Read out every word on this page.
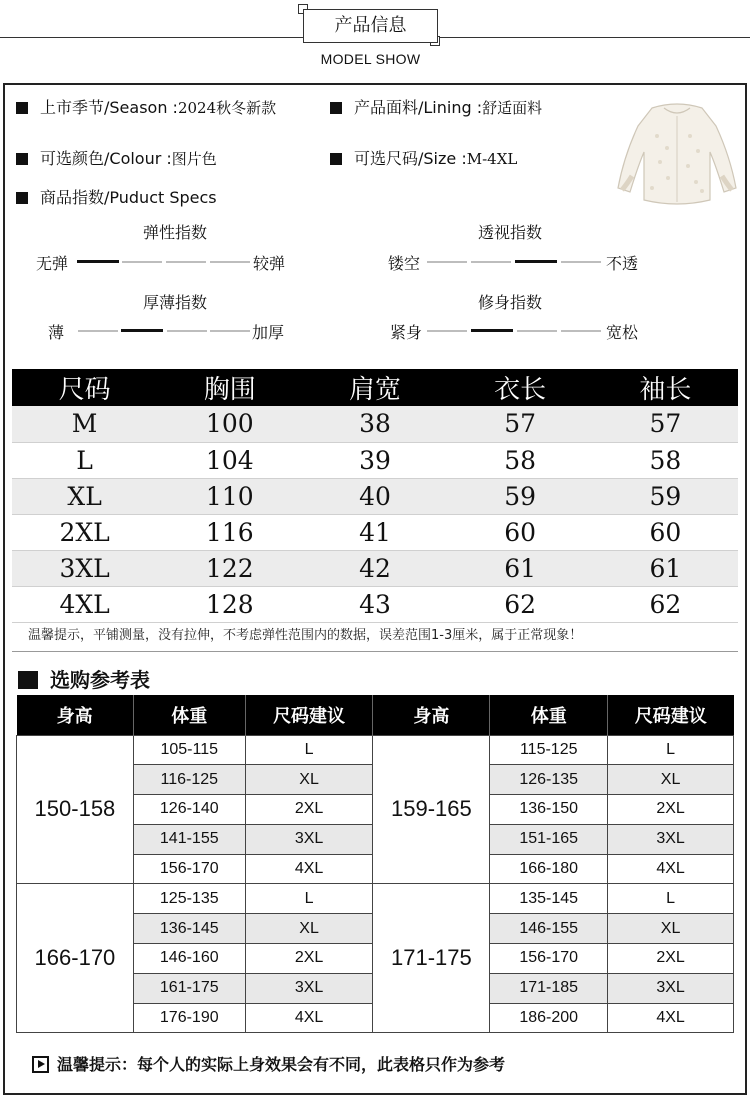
产品信息
MODEL SHOW
上市季节/Season :2024秋冬新款	产品面料/Lining :舒适面料
可选颜色/Colour :图片色	可选尺码/Size :M-4XL
商品指数/Puduct Specs
弹性指数
无弹	较弹
透视指数
镂空	不透
厚薄指数
薄	加厚
修身指数
紧身	宽松
尺码	胸围	肩宽	衣长	袖长
M	100	38	57	57
L	104	39	58	58
XL	110	40	59	59
2XL	116	41	60	60
3XL	122	42	61	61
4XL	128	43	62	62
温馨提示，平铺测量，没有拉伸，不考虑弹性范围内的数据，误差范围1-3厘米，属于正常现象！
选购参考表
身高	体重	尺码建议	身高	体重	尺码建议
150-158	105-115	L	159-165	115-125	L
	116-125	XL		126-135	XL
	126-140	2XL		136-150	2XL
	141-155	3XL		151-165	3XL
	156-170	4XL		166-180	4XL
166-170	125-135	L	171-175	135-145	L
	136-145	XL		146-155	XL
	146-160	2XL		156-170	2XL
	161-175	3XL		171-185	3XL
	176-190	4XL		186-200	4XL
温馨提示：每个人的实际上身效果会有不同，此表格只作为参考
